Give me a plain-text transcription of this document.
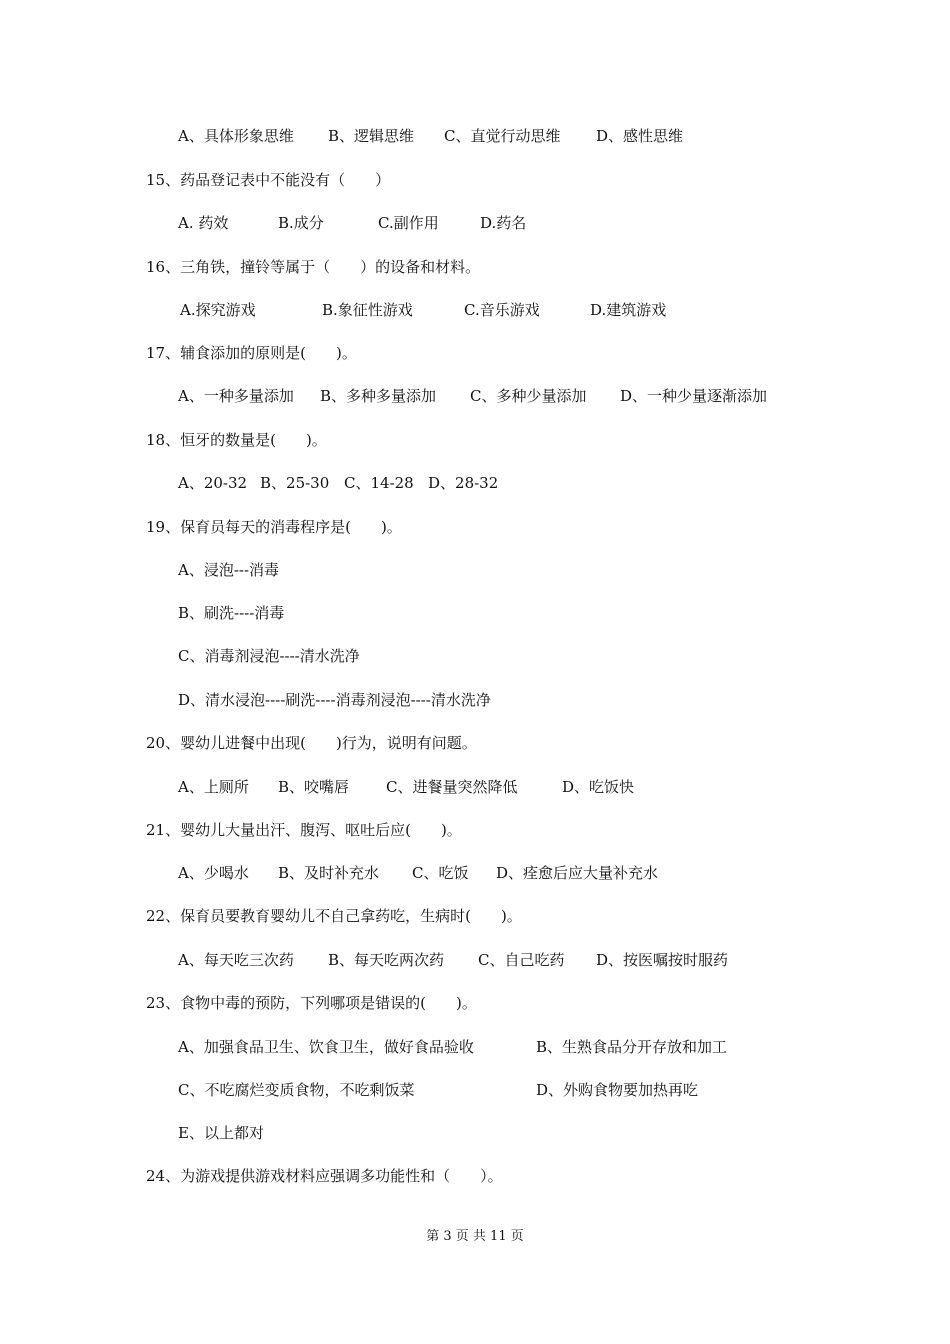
A、具体形象思维

B、逻辑思维

C、直觉行动思维

D、感性思维

15、药品登记表中不能没有（　　）

A. 药效

	B.成分

	C.副作用

	D.药名

16、三角铁，撞铃等属于（　　）的设备和材料。

A.探究游戏

	B.象征性游戏

	C.音乐游戏

	D.建筑游戏

17、辅食添加的原则是(　　)。

A、一种多量添加

B、多种多量添加

C、多种少量添加

D、一种少量逐渐添加

18、恒牙的数量是(　　)。

A、20-32

B、25-30

C、14-28

D、28-32

19、保育员每天的消毒程序是(　　)。
A、浸泡---消毒
B、刷洗----消毒
C、消毒剂浸泡----清水洗净
D、清水浸泡----刷洗----消毒剂浸泡----清水洗净
20、婴幼儿进餐中出现(　　)行为，说明有问题。

A、上厕所

B、咬嘴唇

C、进餐量突然降低

	D、吃饭快

21、婴幼儿大量出汗、腹泻、呕吐后应(　　)。

A、少喝水

B、及时补充水

C、吃饭

D、痊愈后应大量补充水

22、保育员要教育婴幼儿不自己拿药吃，生病时(　　)。

A、每天吃三次药

B、每天吃两次药

C、自己吃药

D、按医嘱按时服药

23、食物中毒的预防，下列哪项是错误的(　　)。

A、加强食品卫生、饮食卫生，做好食品验收

	B、生熟食品分开存放和加工

C、不吃腐烂变质食物，不吃剩饭菜

	D、外购食物要加热再吃

E、以上都对
24、为游戏提供游戏材料应强调多功能性和（　　）。
第 3 页 共 11 页
